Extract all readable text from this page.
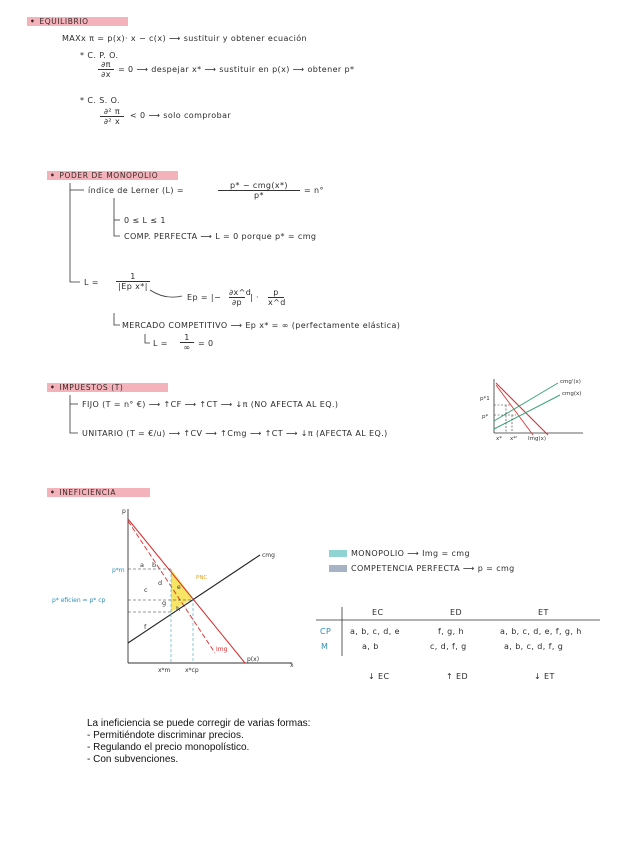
• EQUILIBRIO
MAXx π = p(x)· x − c(x) ⟶ sustituir y obtener ecuación
* C. P. O.
$\frac{\partial\pi}{\partial x} = 0$ ⟶ despejar x* ⟶ sustituir en p(x) ⟶ obtener p*
* C. S. O.
$\frac{\text{∂² π}}{\text{∂² x}} < 0$ ⟶ solo comprobar
• PODER DE MONOPOLIO
índice de Lerner (L) =
p* − cmg(x*)
p*
= n°
0 ≤ L ≤ 1
COMP. PERFECTA ⟶ L = 0 porque p* = cmg
$L = \frac{1}{\text{|Ep x*|}}$
Ep = |− $\frac{\partial x\^{}d}{\partial p}$ | · $\frac{p}{x\^{}d}$
MERCADO COMPETITIVO ⟶ Ep x* = ∞ (perfectamente elástica)
L =
1
∞ = 0
• IMPUESTOS (T)
FIJO (T = n° €) ⟶ ↑CF ⟶ ↑CT ⟶ ↓π (NO AFECTA AL EQ.)
UNITARIO (T = €/u) ⟶ ↑CV ⟶ ↑Cmg ⟶ ↑CT ⟶ ↓π (AFECTA AL EQ.)
p*1
p*
x* x*' Img(x)
cmg'(x)
cmg(x)
• INEFICIENCIA
p
x
a b
c
d
e
f
g
h
cmg
p(x)
Img
PNC
p*m
p* eficien = p* cp
x*m x*cp
MONOPOLIO ⟶ Img = cmg
COMPETENCIA PERFECTA ⟶ p = cmg
EC	ED	ET
CP a, b, c, d, e	f, g, h	a, b, c, d, e, f, g, h
M	a, b	c, d, f, g	a, b, c, d, f, g
↓ EC	↑ ED	↓ ET
La ineficiencia se puede corregir de varias formas:
- Permitiéndote discriminar precios.
- Regulando el precio monopolístico.
- Con subvenciones.
